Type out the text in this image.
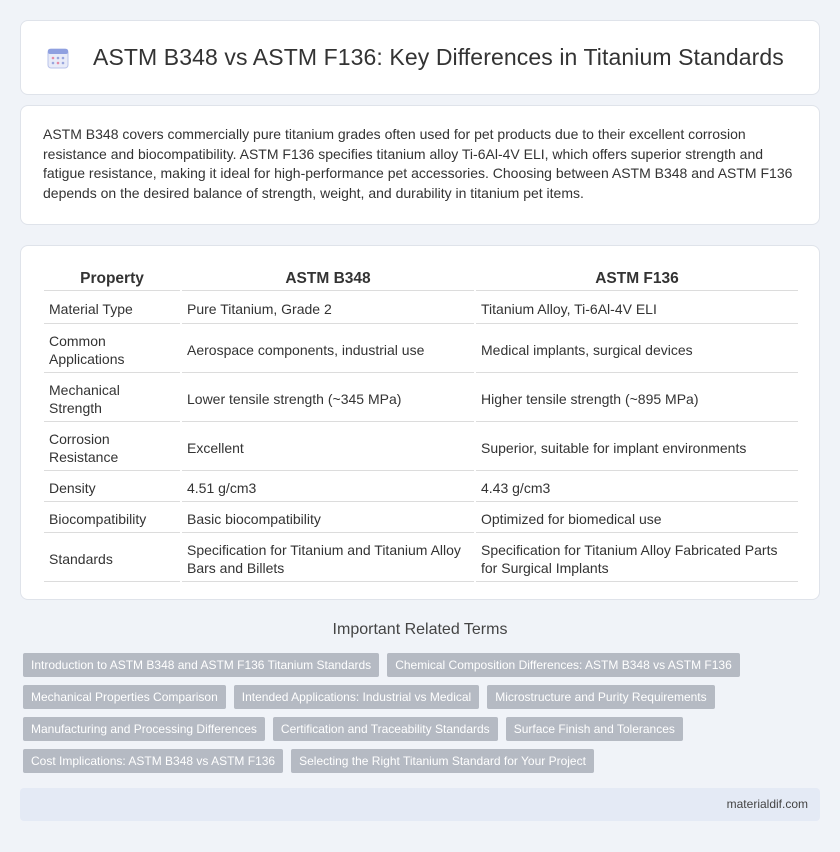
ASTM B348 vs ASTM F136: Key Differences in Titanium Standards

ASTM B348 covers commercially pure titanium grades often used for pet products due to their excellent corrosion resistance and biocompatibility. ASTM F136 specifies titanium alloy Ti-6Al-4V ELI, which offers superior strength and fatigue resistance, making it ideal for high-performance pet accessories. Choosing between ASTM B348 and ASTM F136 depends on the desired balance of strength, weight, and durability in titanium pet items.

Property	ASTM B348	ASTM F136
Material Type	Pure Titanium, Grade 2	Titanium Alloy, Ti-6Al-4V ELI
Common Applications	Aerospace components, industrial use	Medical implants, surgical devices
Mechanical Strength	Lower tensile strength (~345 MPa)	Higher tensile strength (~895 MPa)
Corrosion Resistance	Excellent	Superior, suitable for implant environments
Density	4.51 g/cm3	4.43 g/cm3
Biocompatibility	Basic biocompatibility	Optimized for biomedical use
Standards	Specification for Titanium and Titanium Alloy Bars and Billets	Specification for Titanium Alloy Fabricated Parts for Surgical Implants
Important Related Terms
Introduction to ASTM B348 and ASTM F136 Titanium Standards	Chemical Composition Differences: ASTM B348 vs ASTM F136
Mechanical Properties Comparison	Intended Applications: Industrial vs Medical	Microstructure and Purity Requirements
Manufacturing and Processing Differences	Certification and Traceability Standards	Surface Finish and Tolerances
Cost Implications: ASTM B348 vs ASTM F136	Selecting the Right Titanium Standard for Your Project
materialdif.com
